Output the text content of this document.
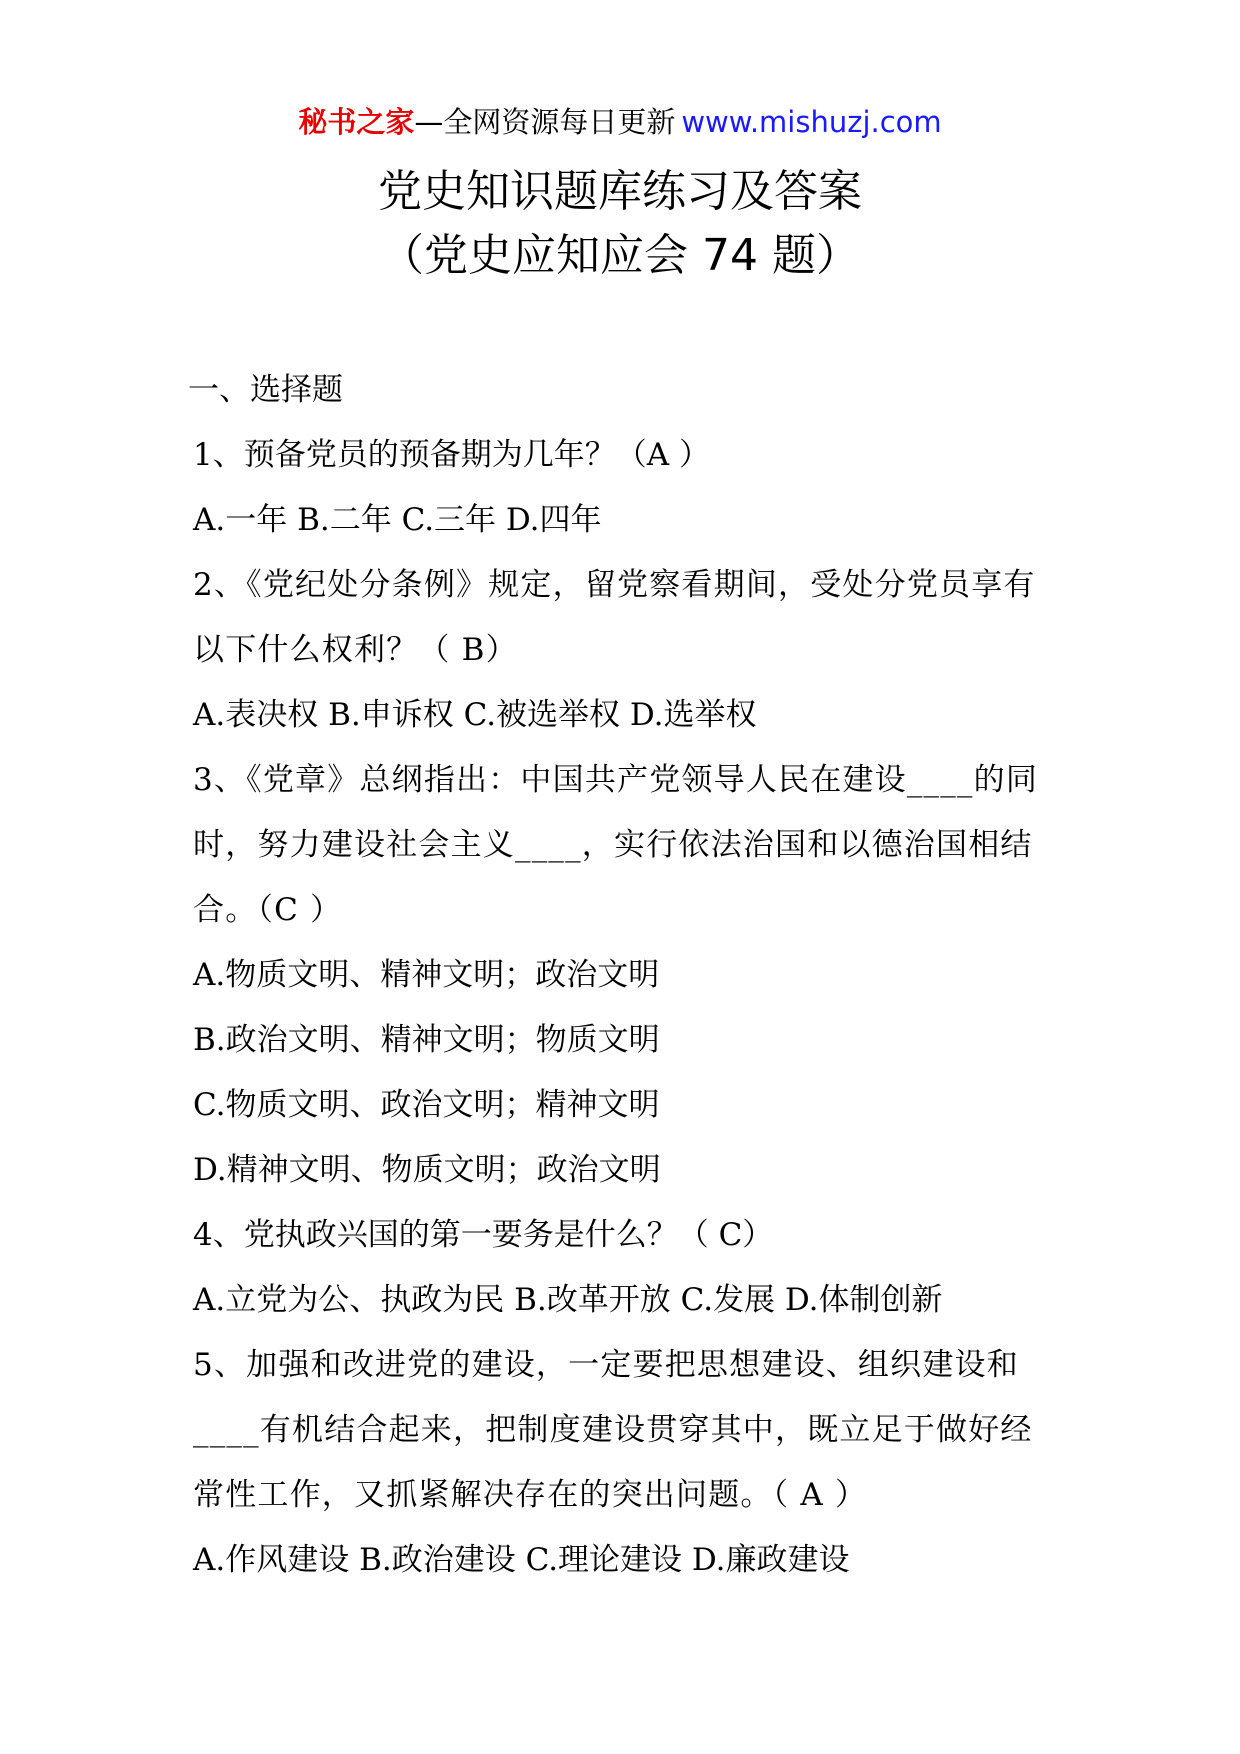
秘书之家—全网资源每日更新 www.mishuzj.com
党史知识题库练习及答案
（党史应知应会 74 题）
一、选择题
1、预备党员的预备期为几年？（A ）
A.一年 B.二年 C.三年 D.四年
2、《党纪处分条例》规定，留党察看期间，受处分党员享有以下什么权利？（ B）
A.表决权 B.申诉权 C.被选举权 D.选举权
3、《党章》总纲指出：中国共产党领导人民在建设____的同时，努力建设社会主义____，实行依法治国和以德治国相结合。（C ）
A.物质文明、精神文明；政治文明
B.政治文明、精神文明；物质文明
C.物质文明、政治文明；精神文明
D.精神文明、物质文明；政治文明
4、党执政兴国的第一要务是什么？（ C）
A.立党为公、执政为民 B.改革开放 C.发展 D.体制创新
5、加强和改进党的建设，一定要把思想建设、组织建设和____有机结合起来，把制度建设贯穿其中，既立足于做好经常性工作，又抓紧解决存在的突出问题。（ A ）
A.作风建设 B.政治建设 C.理论建设 D.廉政建设
